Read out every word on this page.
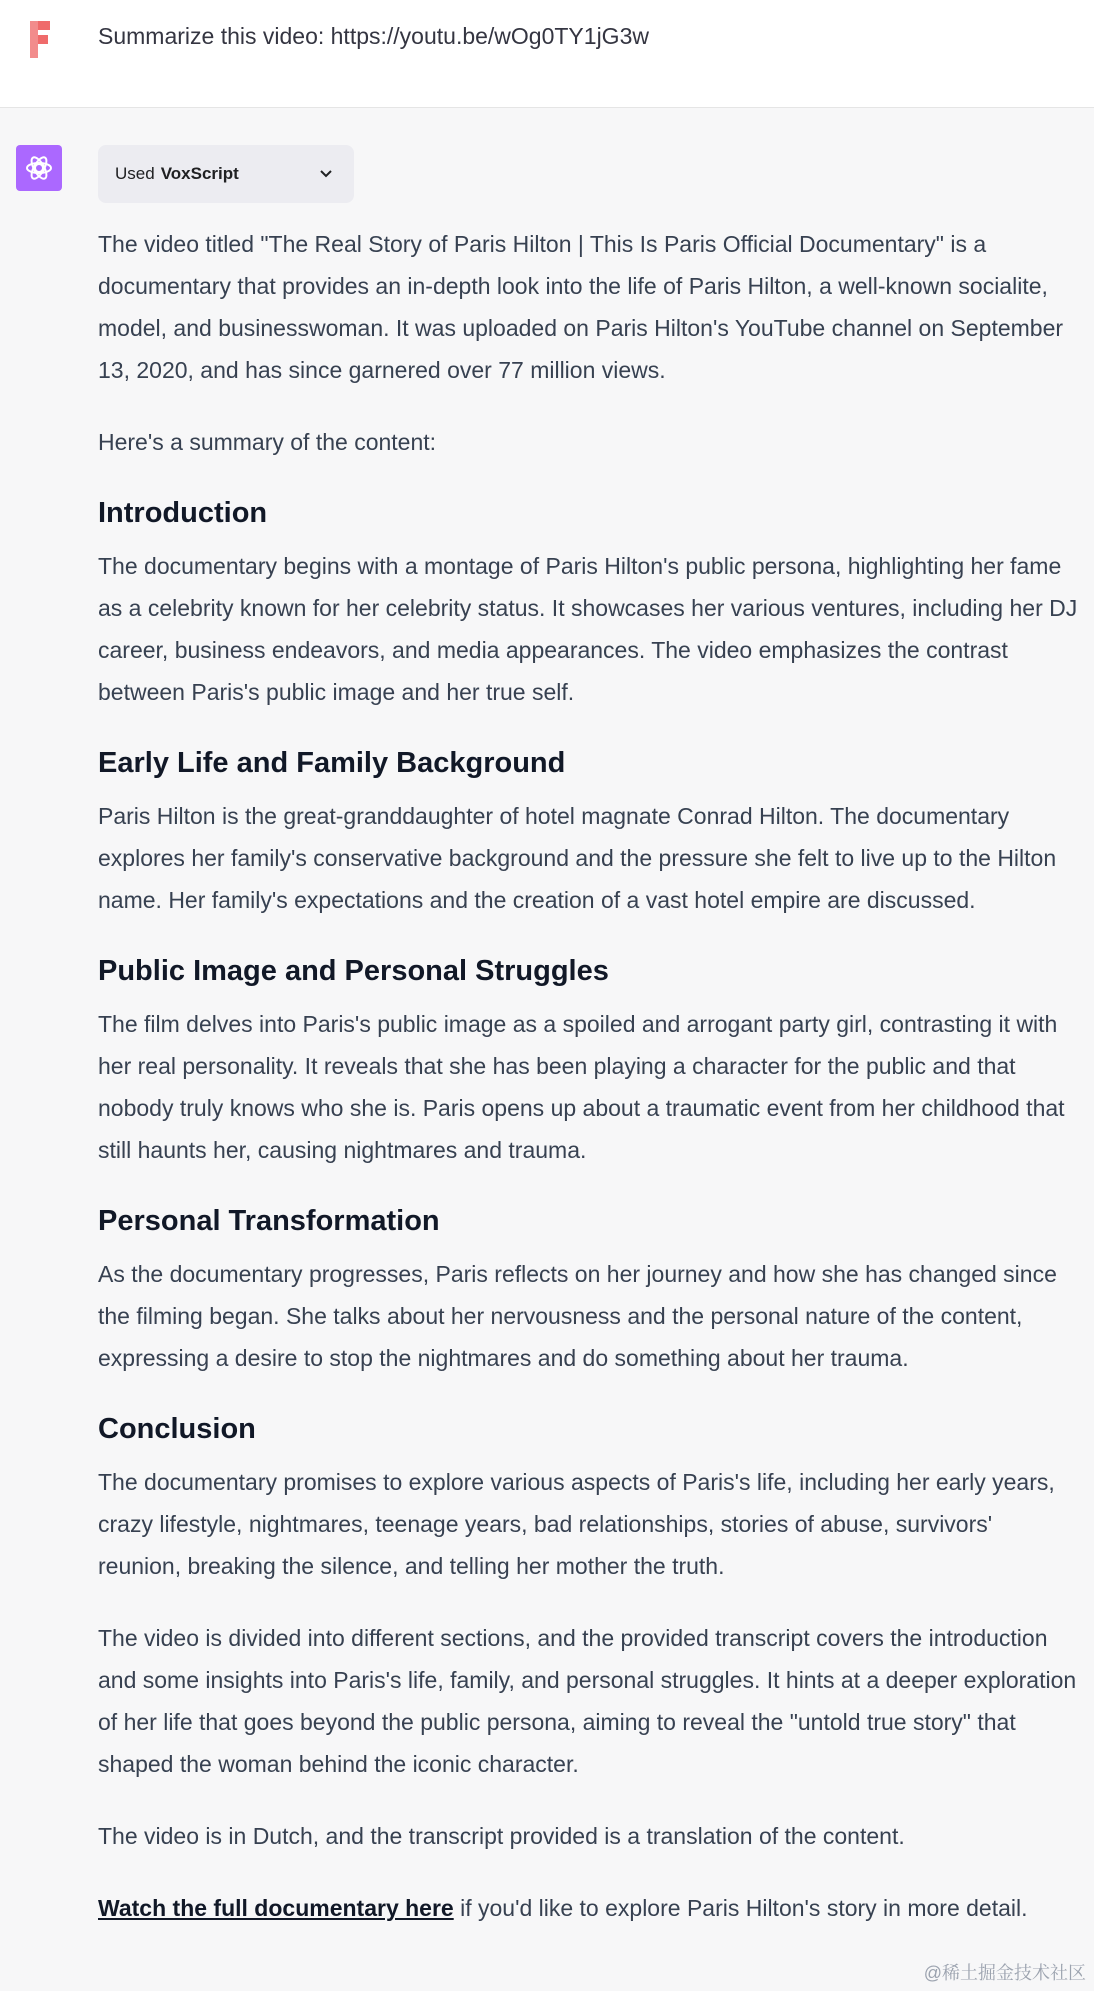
Summarize this video: https://youtu.be/wOg0TY1jG3w
Used VoxScript

The video titled "The Real Story of Paris Hilton | This Is Paris Official Documentary" is a documentary that provides an in-depth look into the life of Paris Hilton, a well-known socialite, model, and businesswoman. It was uploaded on Paris Hilton's YouTube channel on September 13, 2020, and has since garnered over 77 million views.

Here's a summary of the content:

Introduction

The documentary begins with a montage of Paris Hilton's public persona, highlighting her fame as a celebrity known for her celebrity status. It showcases her various ventures, including her DJ career, business endeavors, and media appearances. The video emphasizes the contrast between Paris's public image and her true self.

Early Life and Family Background

Paris Hilton is the great-granddaughter of hotel magnate Conrad Hilton. The documentary explores her family's conservative background and the pressure she felt to live up to the Hilton name. Her family's expectations and the creation of a vast hotel empire are discussed.

Public Image and Personal Struggles

The film delves into Paris's public image as a spoiled and arrogant party girl, contrasting it with her real personality. It reveals that she has been playing a character for the public and that nobody truly knows who she is. Paris opens up about a traumatic event from her childhood that still haunts her, causing nightmares and trauma.

Personal Transformation

As the documentary progresses, Paris reflects on her journey and how she has changed since the filming began. She talks about her nervousness and the personal nature of the content, expressing a desire to stop the nightmares and do something about her trauma.

Conclusion

The documentary promises to explore various aspects of Paris's life, including her early years, crazy lifestyle, nightmares, teenage years, bad relationships, stories of abuse, survivors' reunion, breaking the silence, and telling her mother the truth.

The video is divided into different sections, and the provided transcript covers the introduction and some insights into Paris's life, family, and personal struggles. It hints at a deeper exploration of her life that goes beyond the public persona, aiming to reveal the "untold true story" that shaped the woman behind the iconic character.

The video is in Dutch, and the transcript provided is a translation of the content.

Watch the full documentary here if you'd like to explore Paris Hilton's story in more detail.

@稀土掘金技术社区
